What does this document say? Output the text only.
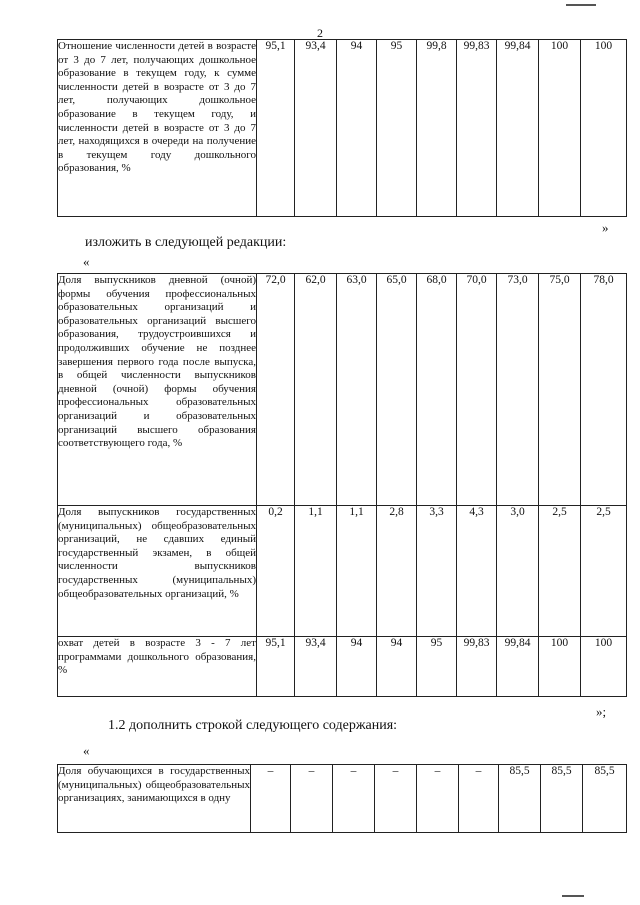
2
Отношение численности детей в возрасте от 3 до 7 лет, получающих дошкольное образование в текущем году, к сумме численности детей в возрасте от 3 до 7 лет, получающих дошкольное образование в текущем году, и численности детей в возрасте от 3 до 7 лет, находящихся в очереди на получение в текущем году дошкольного образования, %	95,1	93,4	94	95	99,8	99,83	99,84	100	100
»
изложить в следующей редакции:
«
Доля выпускников дневной (очной) формы обучения профессиональных образовательных организаций и образовательных организаций высшего образования, трудоустроившихся и продолживших обучение не позднее завершения первого года после выпуска, в общей численности выпускников дневной (очной) формы обучения профессиональных образовательных организаций и образовательных организаций высшего образования соответствующего года, %	72,0	62,0	63,0	65,0	68,0	70,0	73,0	75,0	78,0
Доля выпускников государственных (муниципальных) общеобразовательных организаций, не сдавших единый государственный экзамен, в общей численности выпускников государственных (муниципальных) общеобразовательных организаций, %	0,2	1,1	1,1	2,8	3,3	4,3	3,0	2,5	2,5
охват детей в возрасте 3 - 7 лет программами дошкольного образования, %	95,1	93,4	94	94	95	99,83	99,84	100	100
»;
1.2 дополнить строкой следующего содержания:
«
Доля обучающихся в государственных (муниципальных) общеобразовательных организациях, занимающихся в одну	–	–	–	–	–	–	85,5	85,5	85,5
